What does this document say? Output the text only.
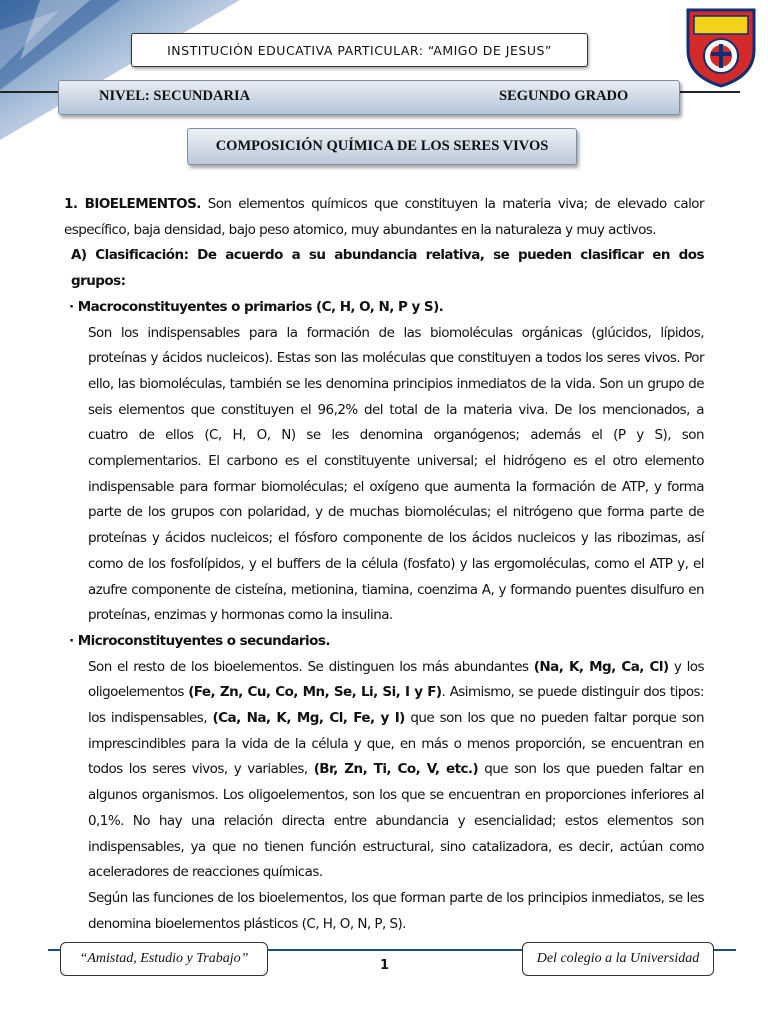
INSTITUCIÓN EDUCATIVA PARTICULAR: “AMIGO DE JESUS”
NIVEL: SECUNDARIA	SEGUNDO GRADO
COMPOSICIÓN QUÍMICA DE LOS SERES VIVOS

1. BIOELEMENTOS. Son elementos químicos que constituyen la materia viva; de elevado calor específico, baja densidad, bajo peso atomico, muy abundantes en la naturaleza y muy activos.

A) Clasificación: De acuerdo a su abundancia relativa, se pueden clasificar en dos grupos:

· Macroconstituyentes o primarios (C, H, O, N, P y S).

Son los indispensables para la formación de las biomoléculas orgánicas (glúcidos, lípidos, proteínas y ácidos nucleicos). Estas son las moléculas que constituyen a todos los seres vivos. Por ello, las biomoléculas, también se les denomina principios inmediatos de la vida. Son un grupo de seis elementos que constituyen el 96,2% del total de la materia viva. De los mencionados, a cuatro de ellos (C, H, O, N) se les denomina organógenos; además el (P y S), son complementarios. El carbono es el constituyente universal; el hidrógeno es el otro elemento indispensable para formar biomoléculas; el oxígeno que aumenta la formación de ATP, y forma parte de los grupos con polaridad, y de muchas biomoléculas; el nitrógeno que forma parte de proteínas y ácidos nucleicos; el fósforo componente de los ácidos nucleicos y las ribozimas, así como de los fosfolípidos, y el buffers de la célula (fosfato) y las ergomoléculas, como el ATP y, el azufre componente de cisteína, metionina, tiamina, coenzima A, y formando puentes disulfuro en proteínas, enzimas y hormonas como la insulina.

· Microconstituyentes o secundarios.

Son el resto de los bioelementos. Se distinguen los más abundantes (Na, K, Mg, Ca, Cl) y los oligoelementos (Fe, Zn, Cu, Co, Mn, Se, Li, Si, I y F). Asimismo, se puede distinguir dos tipos: los indispensables, (Ca, Na, K, Mg, Cl, Fe, y I) que son los que no pueden faltar porque son imprescindibles para la vida de la célula y que, en más o menos proporción, se encuentran en todos los seres vivos, y variables, (Br, Zn, Ti, Co, V, etc.) que son los que pueden faltar en algunos organismos. Los oligoelementos, son los que se encuentran en proporciones inferiores al 0,1%. No hay una relación directa entre abundancia y esencialidad; estos elementos son indispensables, ya que no tienen función estructural, sino catalizadora, es decir, actúan como aceleradores de reacciones químicas.

Según las funciones de los bioelementos, los que forman parte de los principios inmediatos, se les denomina bioelementos plásticos (C, H, O, N, P, S).

“Amistad, Estudio y Trabajo”	1	Del colegio a la Universidad
